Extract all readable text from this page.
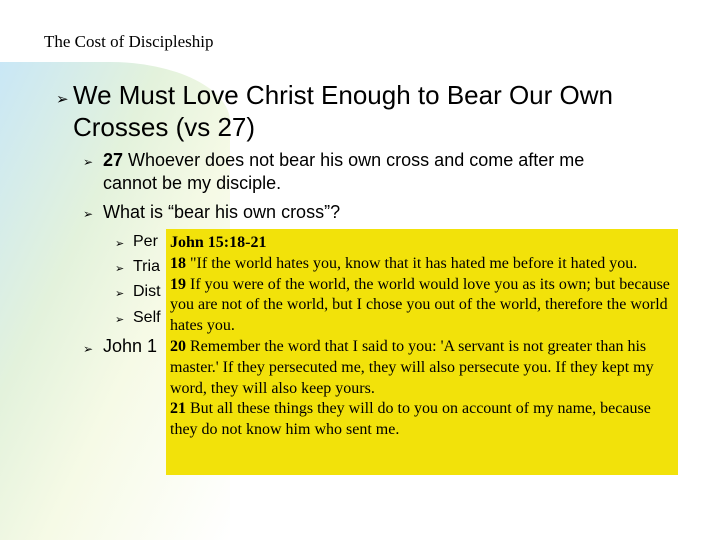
The Cost of Discipleship
➢ We Must Love Christ Enough to Bear Our Own
Crosses (vs 27)
➢ 27 Whoever does not bear his own cross and come after me
cannot be my disciple.
➢ What is “bear his own cross”?
➢ Per
➢ Tria
➢ Dist
➢ Self
➢ John 1

John 15:18-21

18 "If the world hates you, know that it has hated me before it hated you.

19 If you were of the world, the world would love you as its own; but because you are not of the world, but I chose you out of the world, therefore the world hates you.

20 Remember the word that I said to you: 'A servant is not greater than his master.' If they persecuted me, they will also persecute you. If they kept my word, they will also keep yours.

21 But all these things they will do to you on account of my name, because they do not know him who sent me.
